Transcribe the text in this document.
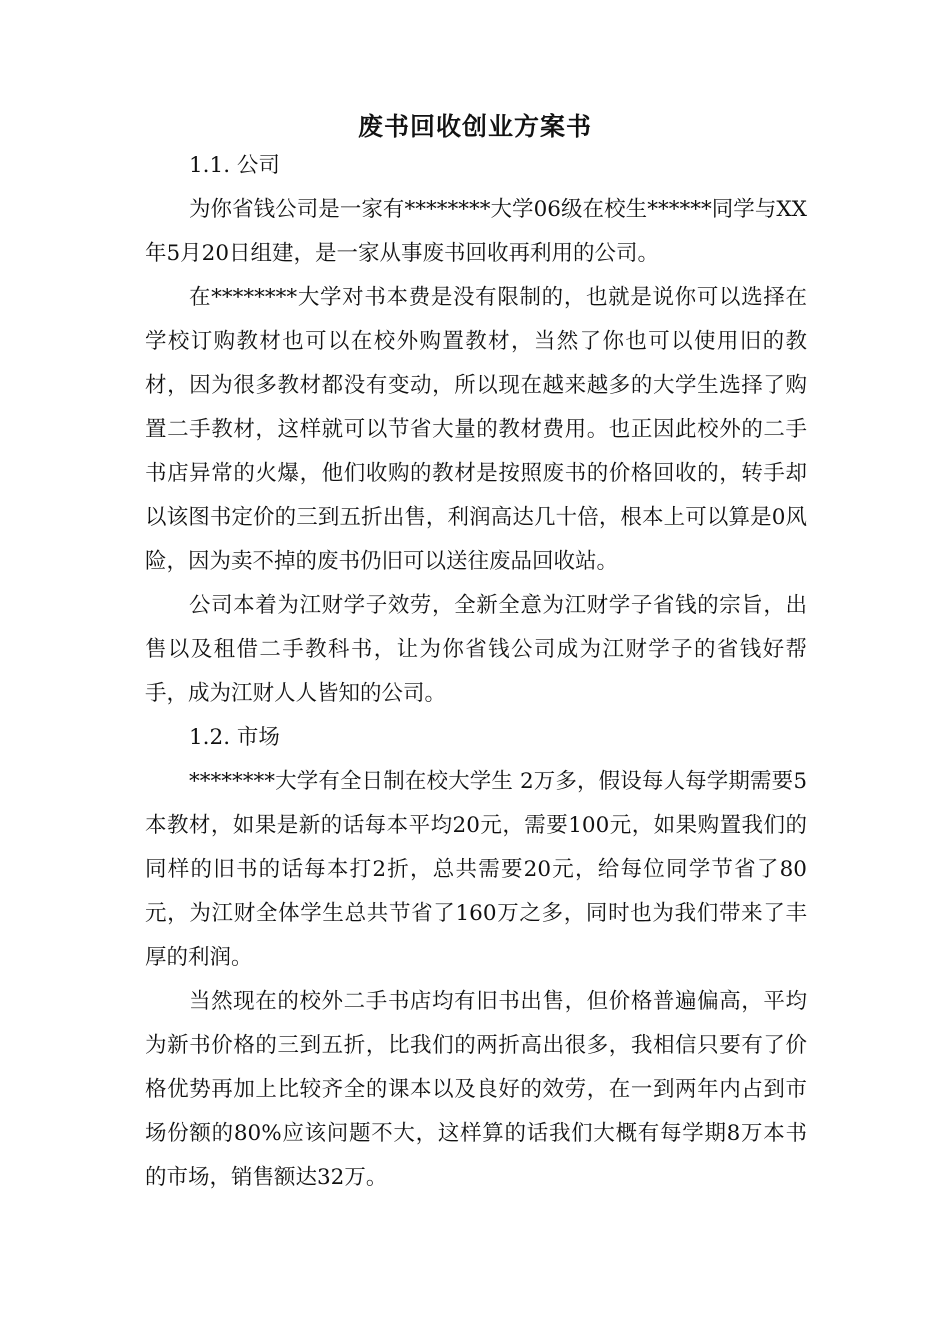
废书回收创业方案书

1.1. 公司

为你省钱公司是一家有********大学06级在校生******同学与XX年5月20日组建，是一家从事废书回收再利用的公司。

在********大学对书本费是没有限制的，也就是说你可以选择在学校订购教材也可以在校外购置教材，当然了你也可以使用旧的教材，因为很多教材都没有变动，所以现在越来越多的大学生选择了购置二手教材，这样就可以节省大量的教材费用。也正因此校外的二手书店异常的火爆，他们收购的教材是按照废书的价格回收的，转手却以该图书定价的三到五折出售，利润高达几十倍，根本上可以算是0风险，因为卖不掉的废书仍旧可以送往废品回收站。

公司本着为江财学子效劳，全新全意为江财学子省钱的宗旨，出售以及租借二手教科书，让为你省钱公司成为江财学子的省钱好帮手，成为江财人人皆知的公司。

1.2. 市场

********大学有全日制在校大学生 2万多，假设每人每学期需要5本教材，如果是新的话每本平均20元，需要100元，如果购置我们的同样的旧书的话每本打2折，总共需要20元，给每位同学节省了80元，为江财全体学生总共节省了160万之多，同时也为我们带来了丰厚的利润。

当然现在的校外二手书店均有旧书出售，但价格普遍偏高，平均为新书价格的三到五折，比我们的两折高出很多，我相信只要有了价格优势再加上比较齐全的课本以及良好的效劳，在一到两年内占到市场份额的80%应该问题不大，这样算的话我们大概有每学期8万本书的市场，销售额达32万。
